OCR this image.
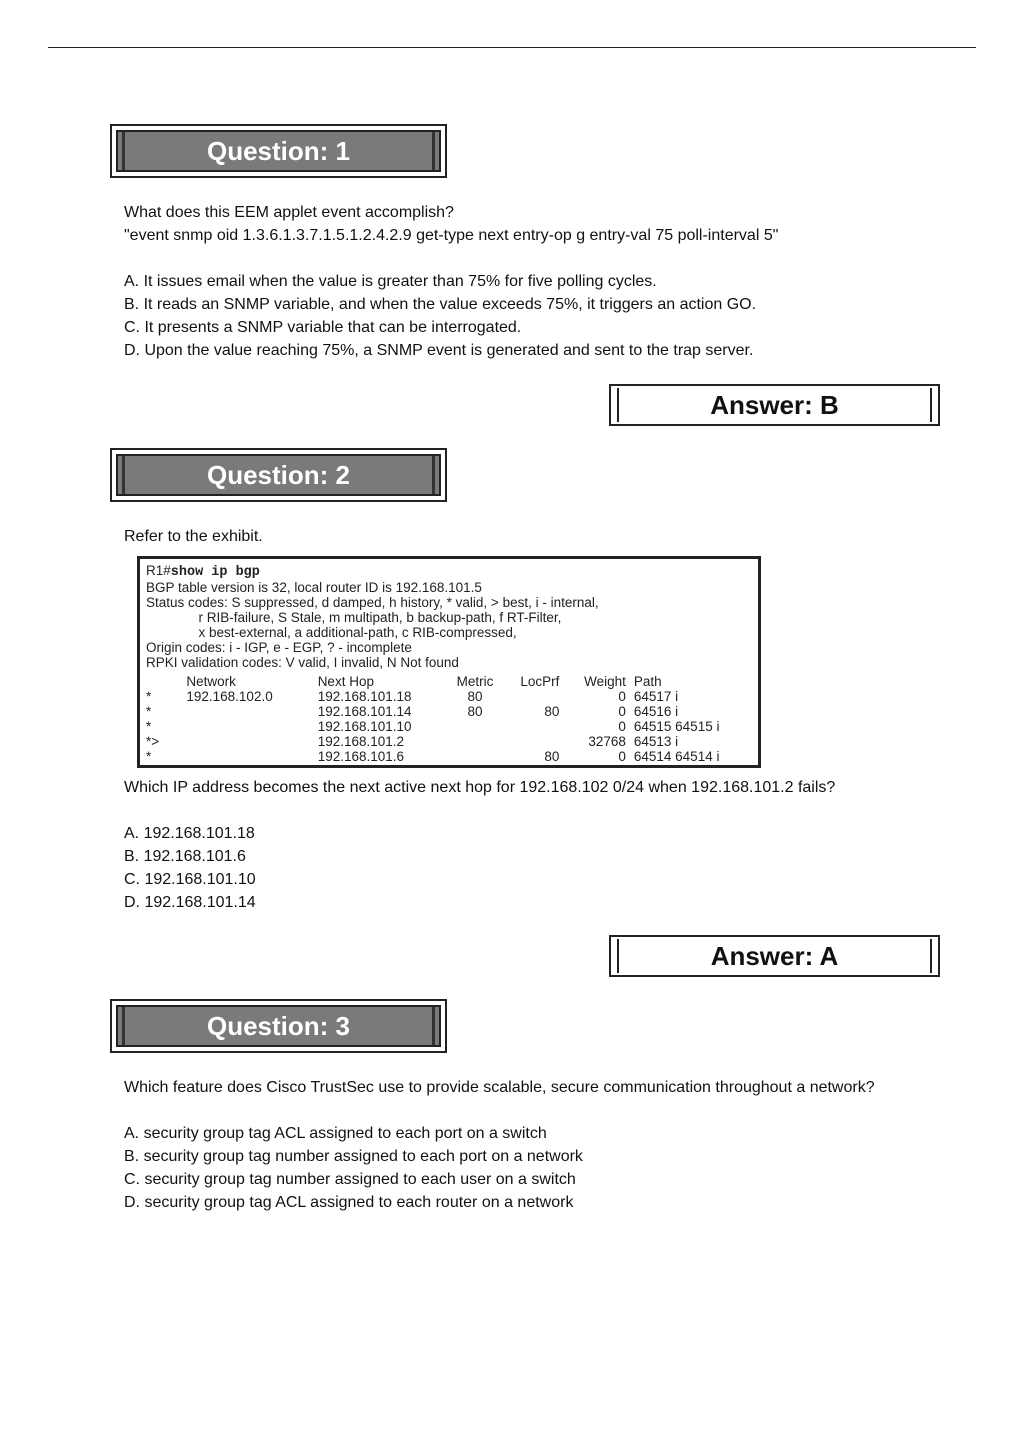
Question: 1

What does this EEM applet event accomplish?

"event snmp oid 1.3.6.1.3.7.1.5.1.2.4.2.9 get-type next entry-op g entry-val 75 poll-interval 5"

A. It issues email when the value is greater than 75% for five polling cycles.

B. It reads an SNMP variable, and when the value exceeds 75%, it triggers an action GO.

C. It presents a SNMP variable that can be interrogated.

D. Upon the value reaching 75%, a SNMP event is generated and sent to the trap server.

Answer: B
Question: 2

Refer to the exhibit.

R1#show ip bgp
BGP table version is 32, local router ID is 192.168.101.5
Status codes: S suppressed, d damped, h history, * valid, > best, i - internal,
r RIB-failure, S Stale, m multipath, b backup-path, f RT-Filter,
x best-external, a additional-path, c RIB-compressed,
Origin codes: i - IGP, e - EGP, ? - incomplete
RPKI validation codes: V valid, I invalid, N Not found
	Network	Next Hop	Metric	LocPrf	Weight	Path
*	192.168.102.0	192.168.101.18	80		0	64517 i
*		192.168.101.14	80	80	0	64516 i
*		192.168.101.10			0	64515 64515 i
*>		192.168.101.2			32768	64513 i
*		192.168.101.6		80	0	64514 64514 i

Which IP address becomes the next active next hop for 192.168.102 0/24 when 192.168.101.2 fails?

A. 192.168.101.18

B. 192.168.101.6

C. 192.168.101.10

D. 192.168.101.14

Answer: A
Question: 3

Which feature does Cisco TrustSec use to provide scalable, secure communication throughout a network?

A. security group tag ACL assigned to each port on a switch

B. security group tag number assigned to each port on a network

C. security group tag number assigned to each user on a switch

D. security group tag ACL assigned to each router on a network
